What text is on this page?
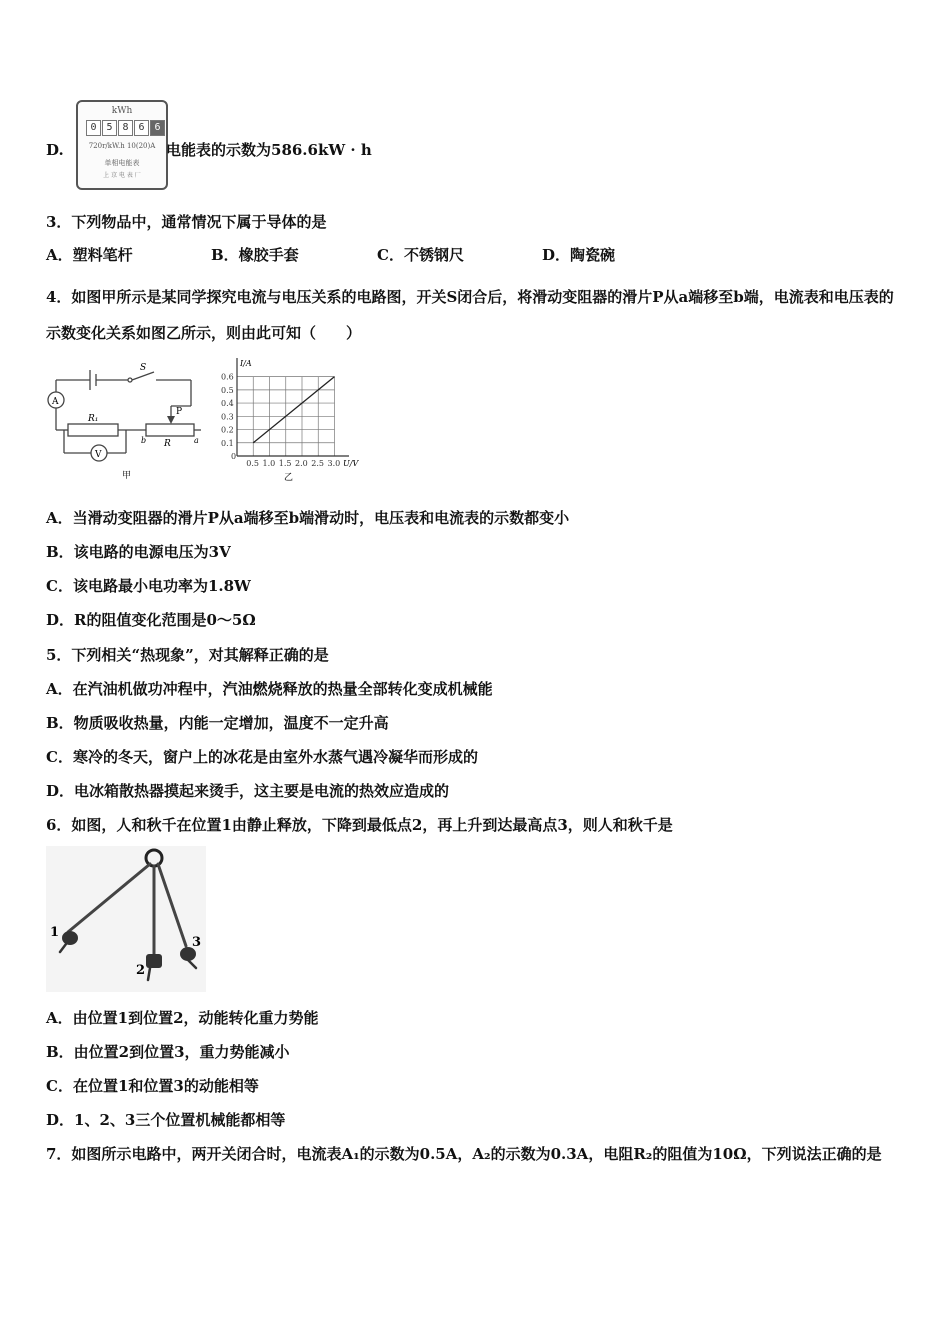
D.
kWh
0 5 8 6 6
720r/kW.h 10(20)A
单相电能表
上 京 电 表 厂
电能表的示数为586.6kW · h
3．下列物品中，通常情况下属于导体的是
A．塑料笔杆	B．橡胶手套	C．不锈钢尺	D．陶瓷碗
4．如图甲所示是某同学探究电流与电压关系的电路图，开关S闭合后，将滑动变阻器的滑片P从a端移至b端，电流表和电压表的示数变化关系如图乙所示，则由此可知（　　）
A
V
S
P
R₁
R
b	a
甲
0.5 1.0 1.5 2.0 2.5 3.0
0.1
0.2
0.3
0.4
0.5
0.6
0
I/A
U/V
乙
A．当滑动变阻器的滑片P从a端移至b端滑动时，电压表和电流表的示数都变小
B．该电路的电源电压为3V
C．该电路最小电功率为1.8W
D．R的阻值变化范围是0～5Ω
5．下列相关“热现象”，对其解释正确的是
A．在汽油机做功冲程中，汽油燃烧释放的热量全部转化变成机械能
B．物质吸收热量，内能一定增加，温度不一定升高
C．寒冷的冬天，窗户上的冰花是由室外水蒸气遇冷凝华而形成的
D．电冰箱散热器摸起来烫手，这主要是电流的热效应造成的
6．如图，人和秋千在位置1由静止释放，下降到最低点2，再上升到达最高点3，则人和秋千是
1
2
3
A．由位置1到位置2，动能转化重力势能
B．由位置2到位置3，重力势能减小
C．在位置1和位置3的动能相等
D．1、2、3三个位置机械能都相等
7．如图所示电路中，两开关闭合时，电流表A₁的示数为0.5A，A₂的示数为0.3A，电阻R₂的阻值为10Ω，下列说法正确的是
